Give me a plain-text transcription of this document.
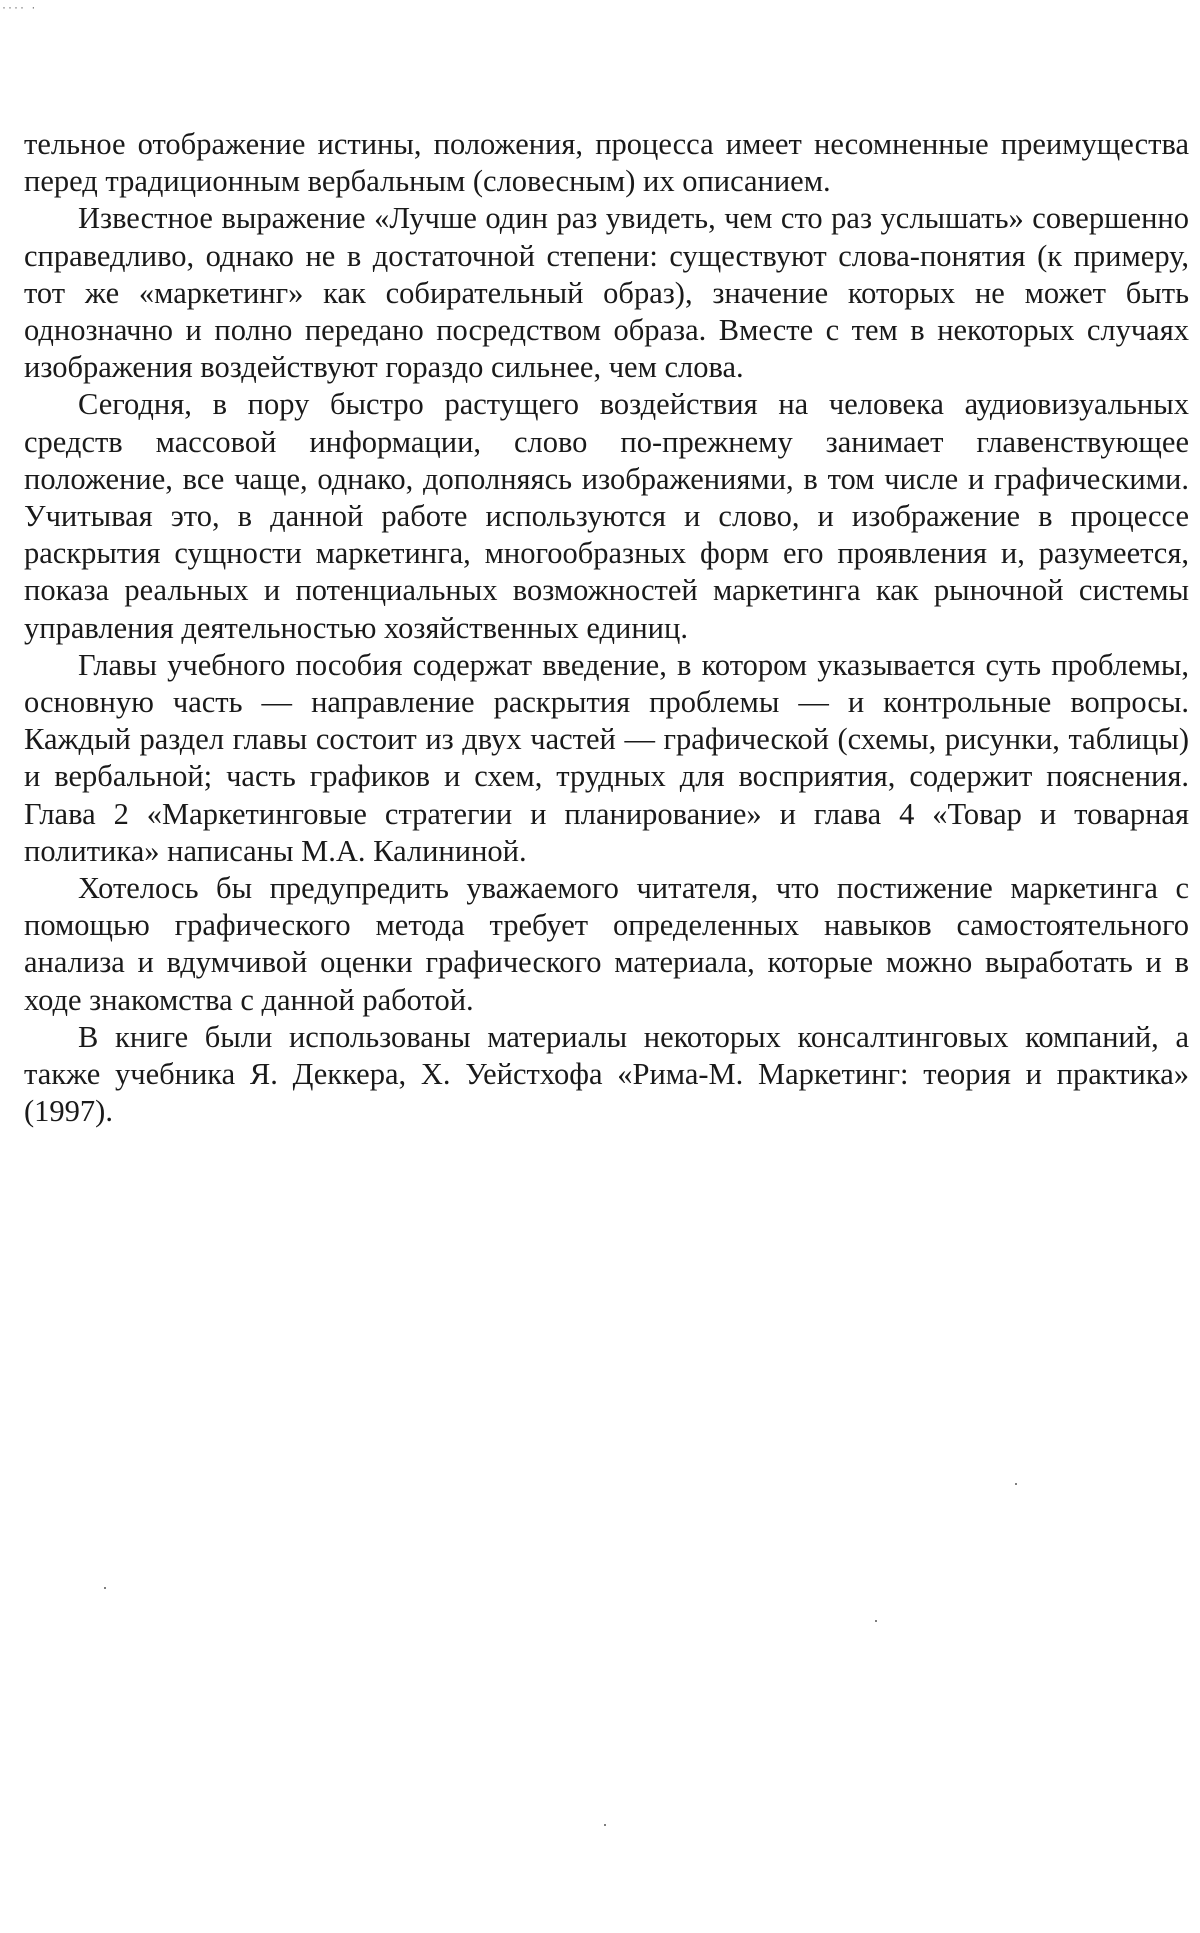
···· ·

тельное отображение истины, положения, процесса имеет несомненные преимущества перед традиционным вербальным (словесным) их описанием.

Известное выражение «Лучше один раз увидеть, чем сто раз услышать» совершенно справедливо, однако не в достаточной степени: существуют слова-понятия (к примеру, тот же «маркетинг» как собирательный образ), значение которых не может быть однозначно и полно передано посредством образа. Вместе с тем в некоторых случаях изображения воздействуют гораздо сильнее, чем слова.

Сегодня, в пору быстро растущего воздействия на человека аудиовизуальных средств массовой информации, слово по-прежнему занимает главенствующее положение, все чаще, однако, дополняясь изображениями, в том числе и графическими. Учитывая это, в данной работе используются и слово, и изображение в процессе раскрытия сущности маркетинга, многообразных форм его проявления и, разумеется, показа реальных и потенциальных возможностей маркетинга как рыночной системы управления деятельностью хозяйственных единиц.

Главы учебного пособия содержат введение, в котором указывается суть проблемы, основную часть — направление раскрытия проблемы — и контрольные вопросы. Каждый раздел главы состоит из двух частей — графической (схемы, рисунки, таблицы) и вербальной; часть графиков и схем, трудных для восприятия, содержит пояснения. Глава 2 «Маркетинговые стратегии и планирование» и глава 4 «Товар и товарная политика» написаны М.А. Калининой.

Хотелось бы предупредить уважаемого читателя, что постижение маркетинга с помощью графического метода требует определенных навыков самостоятельного анализа и вдумчивой оценки графического материала, которые можно выработать и в ходе знакомства с данной работой.

В книге были использованы материалы некоторых консалтинговых компаний, а также учебника Я. Деккера, Х. Уейстхофа «Рима-М. Маркетинг: теория и практика» (1997).
